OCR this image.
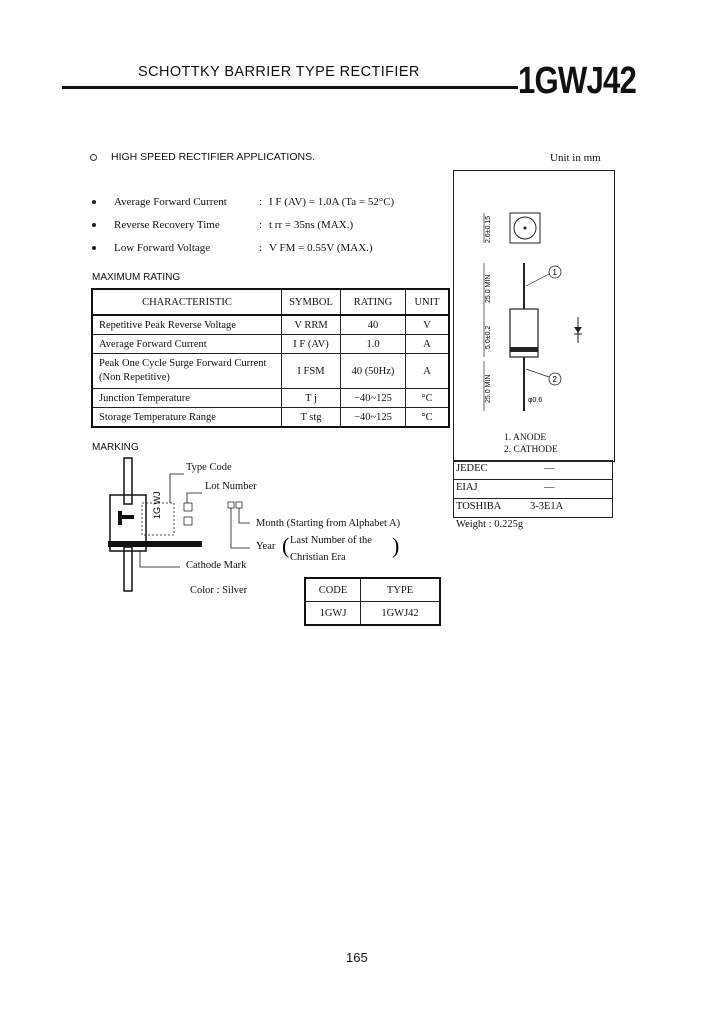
SCHOTTKY BARRIER TYPE RECTIFIER	1GWJ42
HIGH SPEED RECTIFIER APPLICATIONS.	Unit in mm
Average Forward Current	: I F (AV) = 1.0A (Ta = 52°C)
Reverse Recovery Time	: t rr = 35ns (MAX.)
Low Forward Voltage	: V FM = 0.55V (MAX.)
MAXIMUM RATING
CHARACTERISTIC	SYMBOL	RATING	UNIT
Repetitive Peak Reverse Voltage	V RRM	40	V
Average Forward Current	I F (AV)	1.0	A
Peak One Cycle Surge Forward Current (Non Repetitive)	I FSM	40 (50Hz)	A
Junction Temperature	T j	−40~125	°C
Storage Temperature Range	T stg	−40~125	°C
2.6±0.15
25.0 MIN
5.0±0.2
25.0 MIN	φ0.6
1
2
1. ANODE
2. CATHODE
JEDEC	—
EIAJ	—
TOSHIBA	3-3E1A
Weight : 0.225g
MARKING
1G WJ
(	)
Type Code
Lot Number
Month (Starting from Alphabet A)
Year
Last Number of the
Christian Era
Cathode Mark
Color : Silver	CODE	TYPE
1GWJ	1GWJ42
165
